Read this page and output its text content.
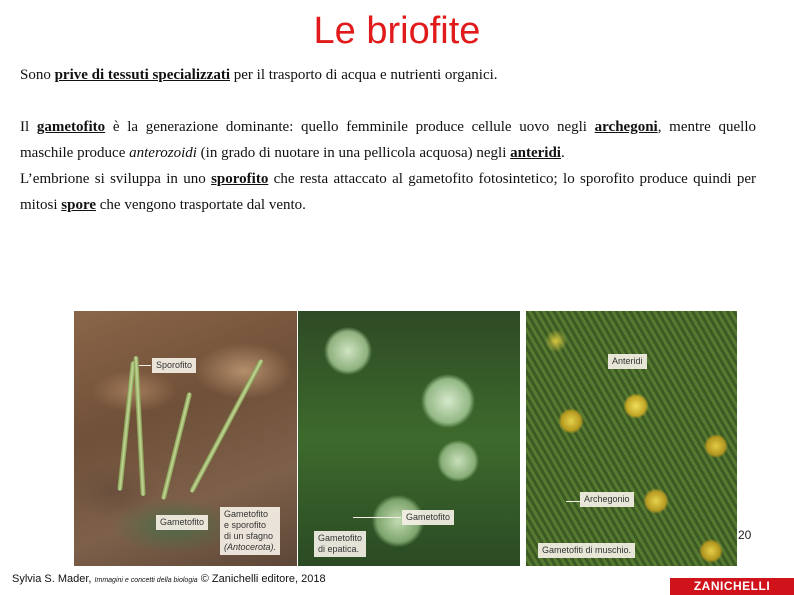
Le briofite
Sono prive di tessuti specializzati per il trasporto di acqua e nutrienti organici.
Il gametofito è la generazione dominante: quello femminile produce cellule uovo negli archegoni, mentre quello maschile produce anterozoidi (in grado di nuotare in una pellicola acquosa) negli anteridi.
L’embrione si sviluppa in uno sporofito che resta attaccato al gametofito fotosintetico; lo sporofito produce quindi per mitosi spore che vengono trasportate dal vento.
Sporofito
Gametofito
Gametofito
e sporofito
di un sfagno
(Antocerota).
Gametofito
Gametofito
di epatica.
Anteridi
Archegonio
Gametofiti di muschio.
20
Sylvia S. Mader, Immagini e concetti della biologia © Zanichelli editore, 2018	ZANICHELLI
